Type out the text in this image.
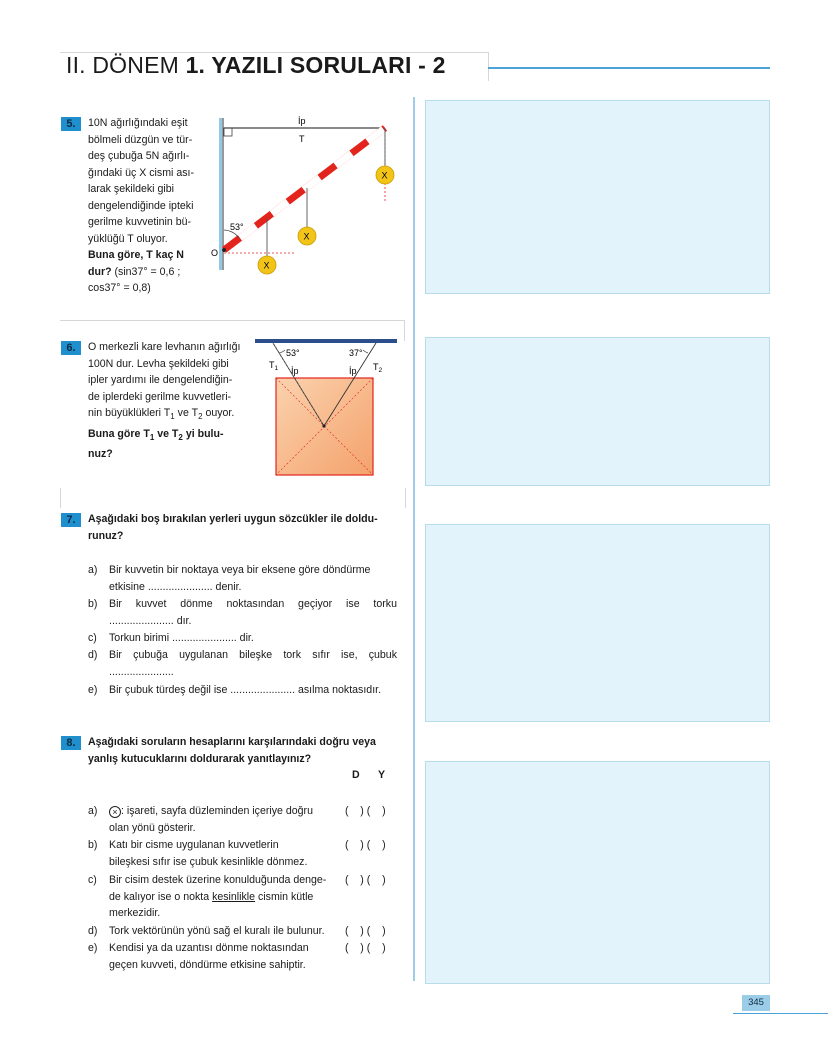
II. DÖNEM 1. YAZILI SORULARI - 2
5.	10N ağırlığındaki eşit
bölmeli düzgün ve tür-
deş çubuğa 5N ağırlı-
ğındaki üç X cismi ası-
larak şekildeki gibi
dengelendiğinde ipteki
gerilme kuvvetinin bü-
yüklüğü T oluyor.
Buna göre, T kaç N
dur? (sin37° = 0,6 ;
cos37° = 0,8)
İp
T
X
X
X
53°
O
6.	O merkezli kare levhanın ağırlığı
100N dur. Levha şekildeki gibi
ipler yardımı ile dengelendiğin-
de iplerdeki gerilme kuvvetleri-
nin büyüklükleri $T_1$ ve $T_2$ ouyor.
Buna göre $T_1$ ve $T_2$ yi bulu-
nuz?
53°	37°
$T_1$	$T_2$
İp	İp
7.	Aşağıdaki boş bırakılan yerleri uygun sözcükler ile doldu-
runuz?
a) Bir kuvvetin bir noktaya veya bir eksene göre döndürme
etkisine ...................... denir.
b) Bir kuvvet dönme noktasından geçiyor ise torku
...................... dır.
c) Torkun birimi ...................... dir.
d) Bir çubuğa uygulanan bileşke tork sıfır ise, çubuk
......................
e) Bir çubuk türdeş değil ise ...................... asılma noktasıdır.
8.	Aşağıdaki soruların hesaplarını karşılarındaki doğru veya
yanlış kutucuklarını doldurarak yanıtlayınız?
D Y
a)	× : işareti, sayfa düzleminden içeriye doğru
olan yönü gösterir.
(    ) (    )
b) Katı bir cisme uygulanan kuvvetlerin
bileşkesi sıfır ise çubuk kesinlikle dönmez.
(    ) (    )
c) Bir cisim destek üzerine konulduğunda denge-
de kalıyor ise o nokta kesinlikle cismin kütle
merkezidir.
(    ) (    )
d) Tork vektörünün yönü sağ el kuralı ile bulunur. (    ) (    )
e) Kendisi ya da uzantısı dönme noktasından
geçen kuvveti, döndürme etkisine sahiptir.
(    ) (    )
345
